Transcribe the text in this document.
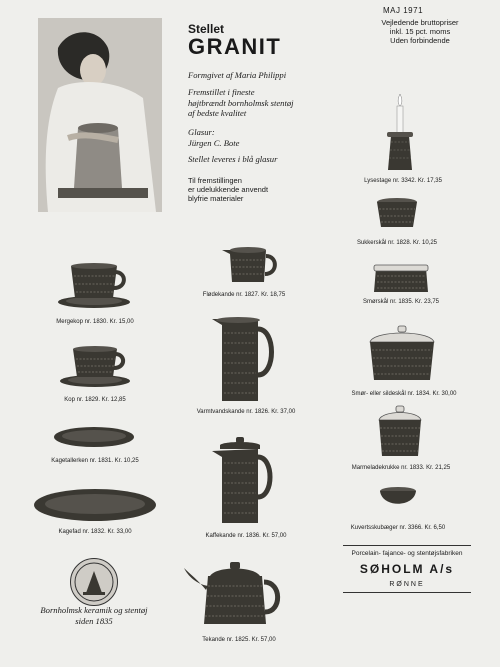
Stellet
GRANIT
MAJ 1971
Vejledende bruttopriser
inkl. 15 pct. moms
Uden forbindende
Formgivet af Maria Philippi
Fremstillet i fineste
højtbrændt bornholmsk stentøj
af bedste kvalitet
Glasur:
Jürgen C. Bote
Stellet leveres i blå glasur
Til fremstillingen
er udelukkende anvendt
blyfrie materialer
Lysestage nr. 3342. Kr. 17,35
Sukkerskål nr. 1828. Kr. 10,25
Flødekande nr. 1827. Kr. 18,75
Smørskål nr. 1835. Kr. 23,75
Mergekop nr. 1830. Kr. 15,00
Kop nr. 1829. Kr. 12,85
Varmtvandskande nr. 1826. Kr. 37,00
Smør- eller sildeskål nr. 1834. Kr. 30,00
Kagetallerken nr. 1831. Kr. 10,25
Marmeladekrukke nr. 1833. Kr. 21,25
Kagefad nr. 1832. Kr. 33,00
Kaffekande nr. 1836. Kr. 57,00
Kuvertsskubæger nr. 3366. Kr. 6,50
Bornholmsk keramik og stentøj
siden 1835
Tekande nr. 1825. Kr. 57,00
Porcelain- fajance- og stentøjsfabriken
SØHOLM A/s
RØNNE
